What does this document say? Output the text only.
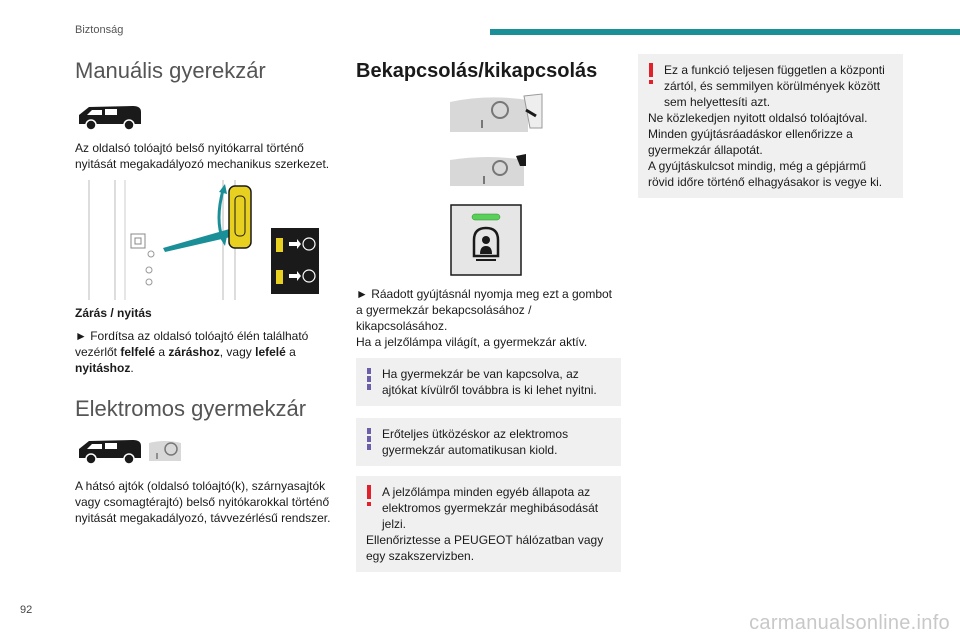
Biztonság
Manuális gyerekzár
Az oldalsó tolóajtó belső nyitókarral történő nyitását megakadályozó mechanikus szerkezet.
Zárás / nyitás
► Fordítsa az oldalsó tolóajtó élén található vezérlőt felfelé a záráshoz, vagy lefelé a nyitáshoz.
Elektromos gyermekzár
A hátsó ajtók (oldalsó tolóajtó(k), szárnyasajtók vagy csomagtérajtó) belső nyitókarokkal történő nyitását megakadályozó, távvezérlésű rendszer.
Bekapcsolás/kikapcsolás
► Ráadott gyújtásnál nyomja meg ezt a gombot a gyermekzár bekapcsolásához / kikapcsolásához.
Ha a jelzőlámpa világít, a gyermekzár aktív.
Ha gyermekzár be van kapcsolva, az ajtókat kívülről továbbra is ki lehet nyitni.
Erőteljes ütközéskor az elektromos gyermekzár automatikusan kiold.
A jelzőlámpa minden egyéb állapota az elektromos gyermekzár meghibásodását jelzi.
Ellenőriztesse a PEUGEOT hálózatban vagy egy szakszervizben.
Ez a funkció teljesen független a központi zártól, és semmilyen körülmények között sem helyettesíti azt.
Ne közlekedjen nyitott oldalsó tolóajtóval.
Minden gyújtásráadáskor ellenőrizze a gyermekzár állapotát.
A gyújtáskulcsot mindig, még a gépjármű rövid időre történő elhagyásakor is vegye ki.
92
carmanualsonline.info
